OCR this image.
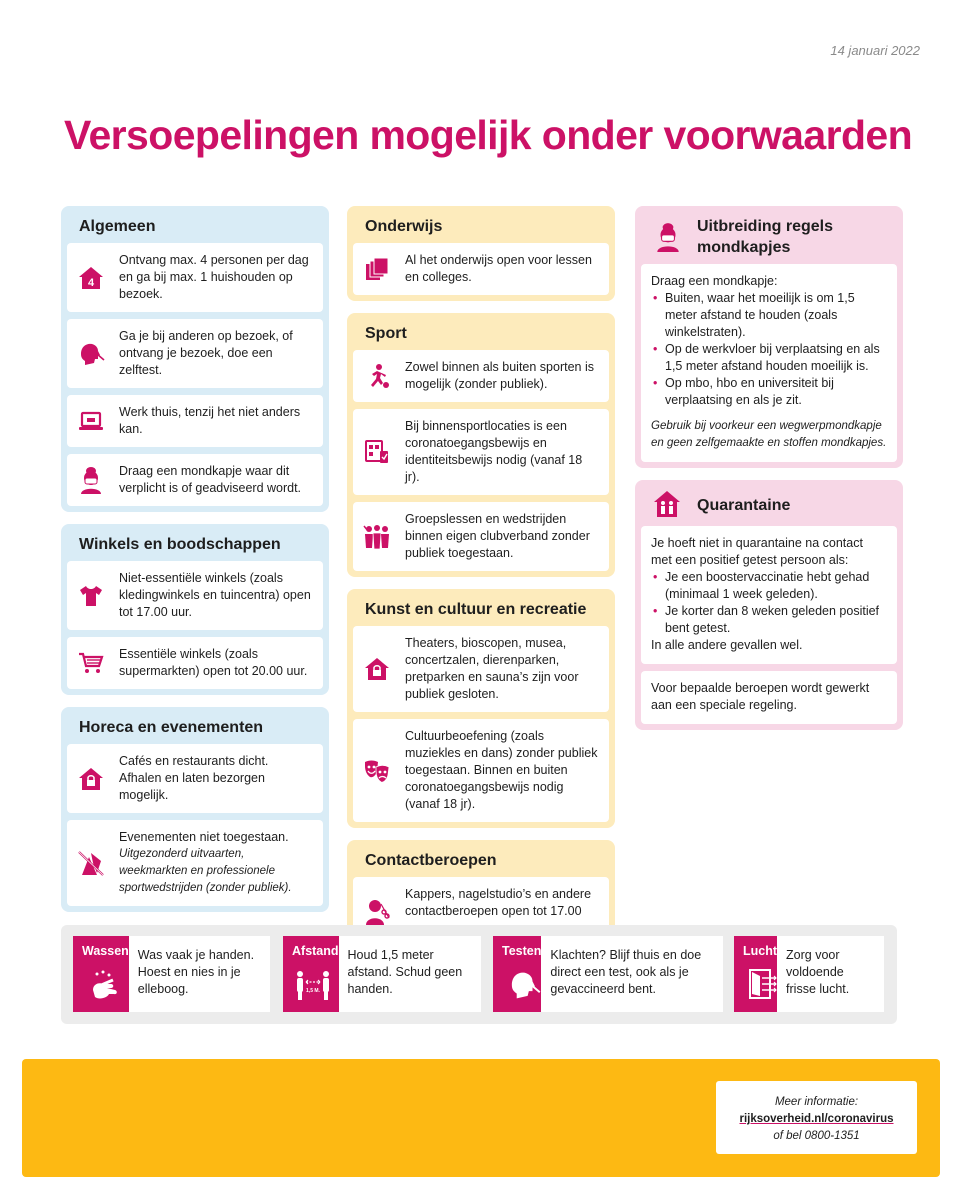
14 januari 2022
Versoepelingen mogelijk onder voorwaarden
Algemeen
4
Ontvang max. 4 personen per dag en ga bij max. 1 huishouden op bezoek.
Ga je bij anderen op bezoek, of ontvang je bezoek, doe een zelftest.
Werk thuis, tenzij het niet anders kan.
Draag een mondkapje waar dit verplicht is of geadviseerd wordt.
Winkels en boodschappen
Niet-essentiële winkels (zoals kledingwinkels en tuincentra) open tot 17.00 uur.
Essentiële winkels (zoals supermarkten) open tot 20.00 uur.
Horeca en evenementen
Cafés en restaurants dicht. Afhalen en laten bezorgen mogelijk.
Evenementen niet toegestaan.
Uitgezonderd uitvaarten, weekmarkten en professionele sportwedstrijden (zonder publiek).
Onderwijs
Al het onderwijs open voor lessen en colleges.
Sport
Zowel binnen als buiten sporten is mogelijk (zonder publiek).
Bij binnensportlocaties is een coronatoegangsbewijs en identiteitsbewijs nodig (vanaf 18 jr).
Groepslessen en wedstrijden binnen eigen clubverband zonder publiek toegestaan.
Kunst en cultuur en recreatie
Theaters, bioscopen, musea, concertzalen, dierenparken, pretparken en sauna’s zijn voor publiek gesloten.
Cultuurbeoefening (zoals muziekles en dans) zonder publiek toegestaan. Binnen en buiten coronatoegangsbewijs nodig (vanaf 18 jr).
Contactberoepen
Kappers, nagelstudio’s en andere contactberoepen open tot 17.00
Uitbreiding regels mondkapjes
Draag een mondkapje:
• Buiten, waar het moeilijk is om 1,5 meter afstand te houden (zoals winkelstraten).
• Op de werkvloer bij verplaatsing en als 1,5 meter afstand houden moeilijk is.
• Op mbo, hbo en universiteit bij verplaatsing en als je zit.
Gebruik bij voorkeur een wegwerpmondkapje en geen zelfgemaakte en stoffen mondkapjes.
Quarantaine
Je hoeft niet in quarantaine na contact met een positief getest persoon als:
• Je een boostervaccinatie hebt gehad (minimaal 1 week geleden).
• Je korter dan 8 weken geleden positief bent getest.
In alle andere gevallen wel.
Voor bepaalde beroepen wordt gewerkt aan een speciale regeling.
Wassen Was vaak je handen. Hoest en nies in je elleboog.
Afstand
1,5 M.
Houd 1,5 meter afstand. Schud geen handen.
Testen Klachten? Blijf thuis en doe direct een test, ook als je gevaccineerd bent.
Lucht Zorg voor voldoende frisse lucht.
Meer informatie:
rijksoverheid.nl/coronavirus
of bel 0800-1351
